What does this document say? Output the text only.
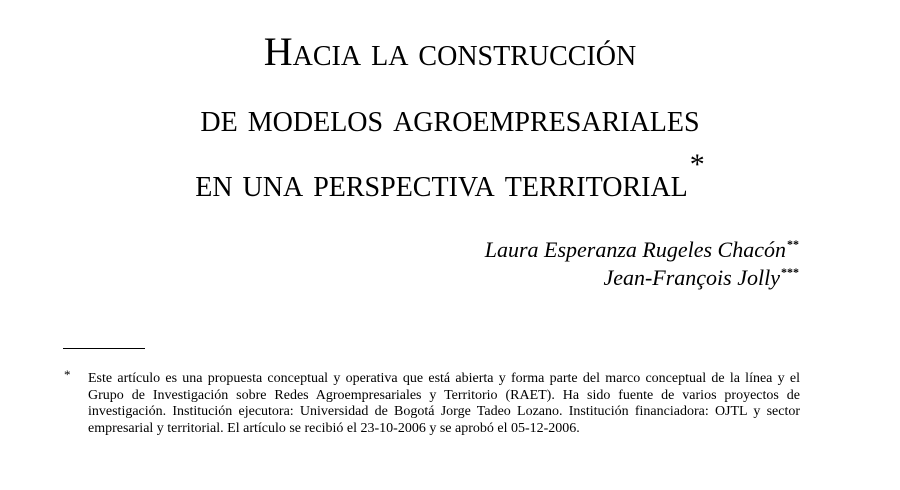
Hacia la construcción
de modelos agroempresariales
en una perspectiva territorial*
Laura Esperanza Rugeles Chacón**
Jean-François Jolly***
* Este artículo es una propuesta conceptual y operativa que está abierta y forma parte del marco conceptual de la línea y el Grupo de Investigación sobre Redes Agroempresariales y Territorio (RAET). Ha sido fuente de varios proyectos de investigación. Institución ejecutora: Universidad de Bogotá Jorge Tadeo Lozano. Institución financiadora: OJTL y sector empresarial y territorial. El artículo se recibió el 23-10-2006 y se aprobó el 05-12-2006.
